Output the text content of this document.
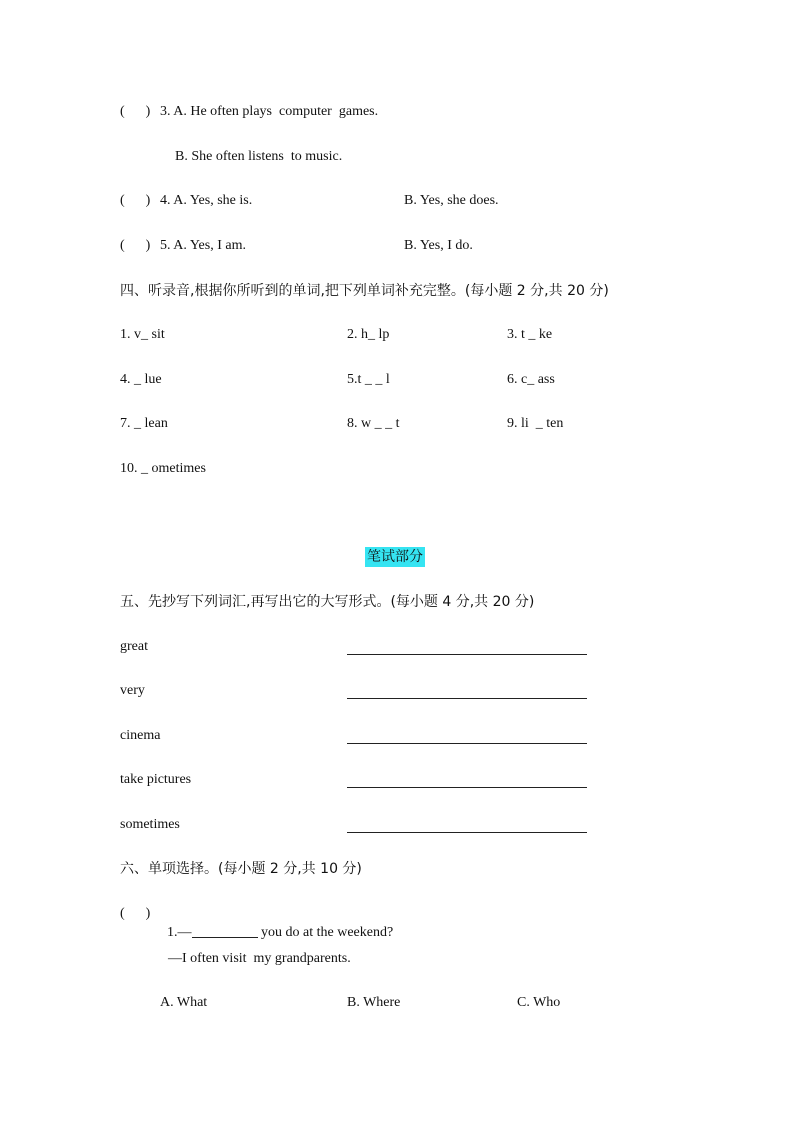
(      ) 3. A. He often plays  computer  games.
B. She often listens  to music.
(      ) 4. A. Yes, she is.	B. Yes, she does.
(      ) 5. A. Yes, I am.	B. Yes, I do.
四、听录音,根据你所听到的单词,把下列单词补充完整。(每小题 2 分,共 20 分)
1. v_ sit	2. h_ lp	3. t _ ke
4. _ lue	5.t _ _ l	6. c_ ass
7. _ lean	8. w _ _ t	9. li  _ ten
10. _ ometimes
笔试部分
五、先抄写下列词汇,再写出它的大写形式。(每小题 4 分,共 20 分)
great
very
cinema
take pictures
sometimes
六、单项选择。(每小题 2 分,共 10 分)
(      )

1.—	you do at the weekend?

—I often visit  my grandparents.
A. What	B. Where	C. Who
